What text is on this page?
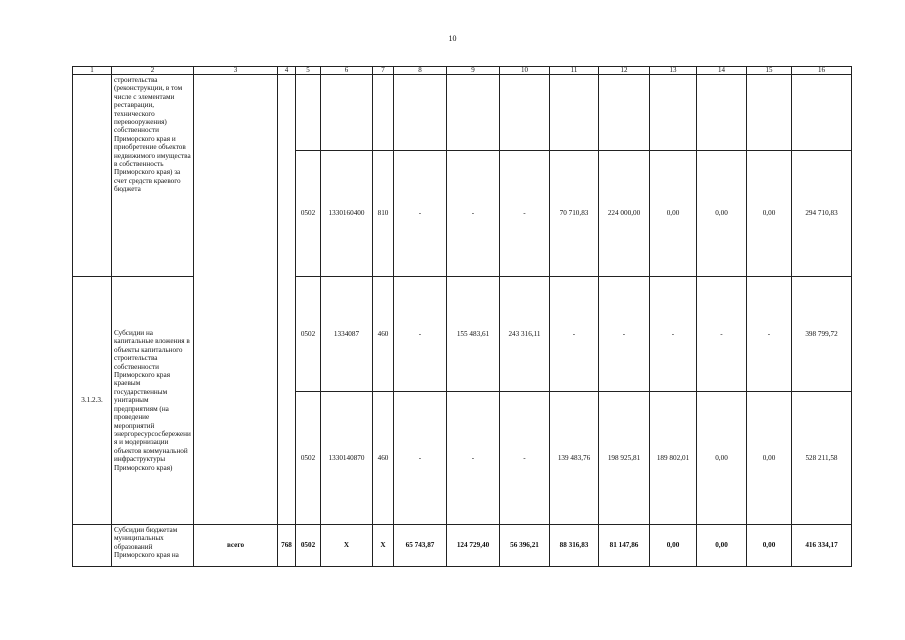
10
1	2	3	4	5	6	7	8	9	10	11	12	13	14	15	16
	строительства (реконструкции, в том числе с элементами реставрации, технического перевооружения) собственности Приморского края и приобретение объектов недвижимого имущества в собственность Приморского края) за счет средств краевого бюджета														
				0502	1330160400	810	-	-	-	70 710,83	224 000,00	0,00	0,00	0,00	294 710,83
3.1.2.3.	Субсидии на капитальные вложения в объекты капитального строительства собственности Приморского края краевым государственным унитарным предприятиям (на проведение мероприятий энергоресурсосбережения и модернизации объектов коммунальной инфраструктуры Приморского края)			0502	1334087	460	-	155 483,61	243 316,11	-	-	-	-	-	398 799,72
				0502	1330140870	460	-	-	-	139 483,76	198 925,81	189 802,01	0,00	0,00	528 211,58
	Субсидии бюджетам муниципальных образований Приморского края на	всего	768	0502	X	X	65 743,87	124 729,40	56 396,21	88 316,83	81 147,86	0,00	0,00	0,00	416 334,17
